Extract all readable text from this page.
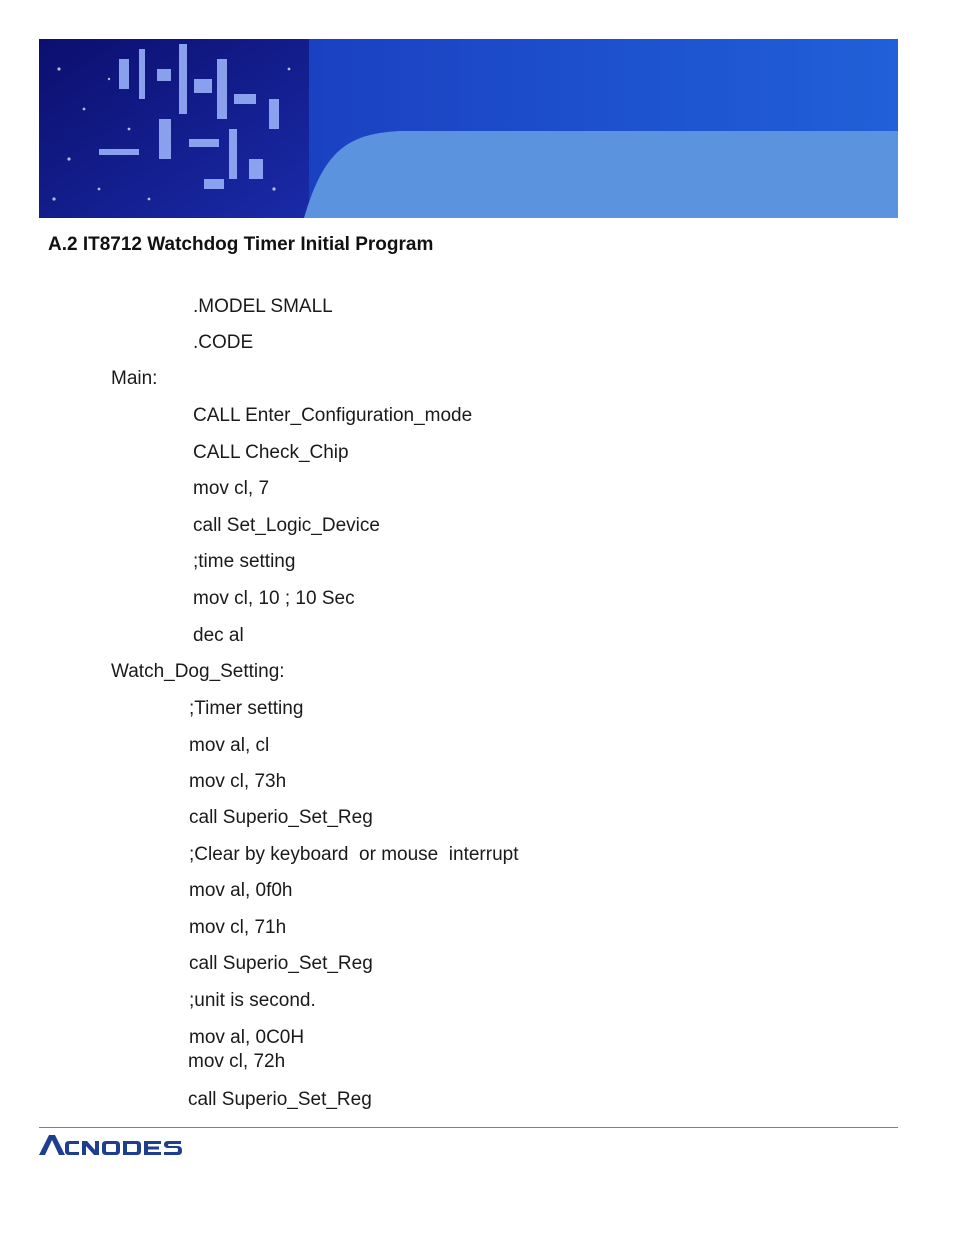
A.2 IT8712 Watchdog Timer Initial Program
.MODEL SMALL
.CODE
Main:
CALL Enter_Configuration_mode
CALL Check_Chip
mov cl, 7
call Set_Logic_Device
;time setting
mov cl, 10 ; 10 Sec
dec al
Watch_Dog_Setting:
;Timer setting
mov al, cl
mov cl, 73h
call Superio_Set_Reg
;Clear by keyboard  or mouse  interrupt
mov al, 0f0h
mov cl, 71h
call Superio_Set_Reg
;unit is second.
mov al, 0C0H
mov cl, 72h
call Superio_Set_Reg
